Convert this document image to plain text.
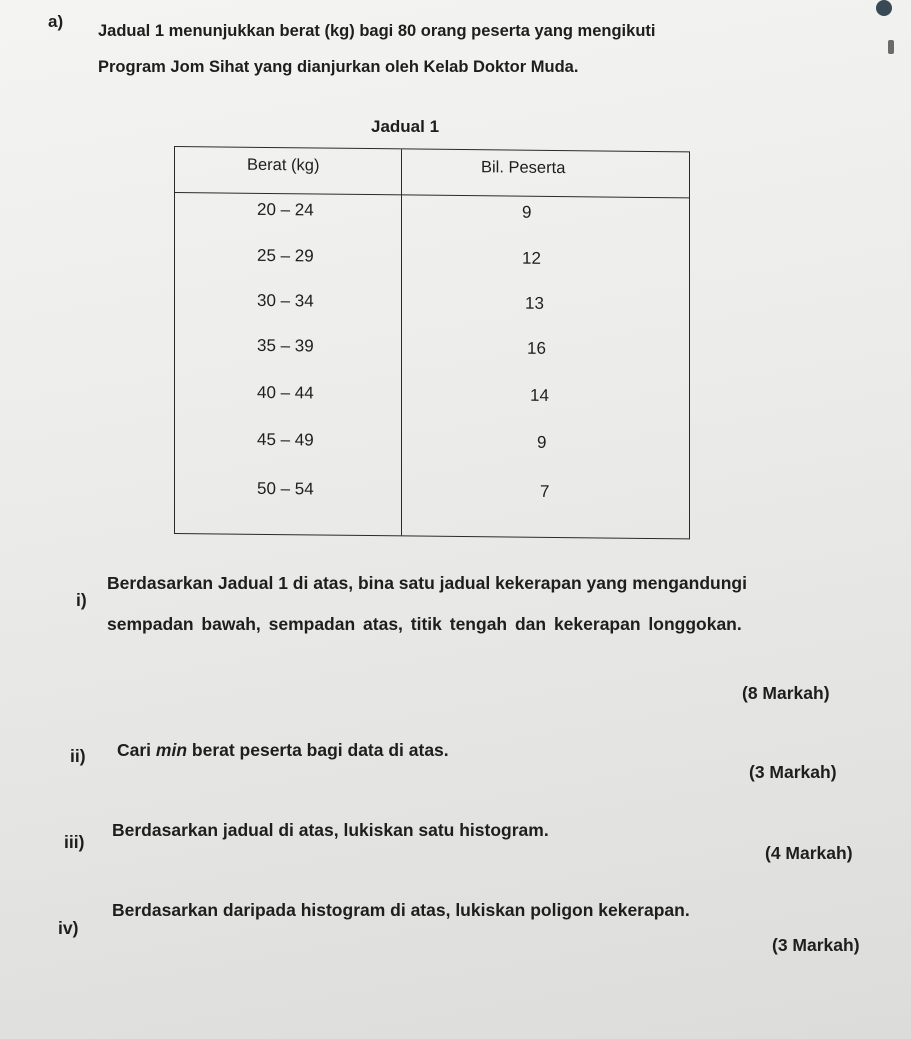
a) Jadual 1 menunjukkan berat (kg) bagi 80 orang peserta yang mengikuti
Program Jom Sihat yang dianjurkan oleh Kelab Doktor Muda.
Jadual 1
Berat (kg)	Bil. Peserta
20 – 24	9
25 – 29	12
30 – 34	13
35 – 39	16
40 – 44	14
45 – 49	9
50 – 54	7
i)
Berdasarkan Jadual 1 di atas, bina satu jadual kekerapan yang mengandungi
sempadan bawah, sempadan atas, titik tengah dan kekerapan longgokan.
(8 Markah)
ii) Cari min berat peserta bagi data di atas.
(3 Markah)
iii)
Berdasarkan jadual di atas, lukiskan satu histogram.
(4 Markah)
iv)
Berdasarkan daripada histogram di atas, lukiskan poligon kekerapan.
(3 Markah)
